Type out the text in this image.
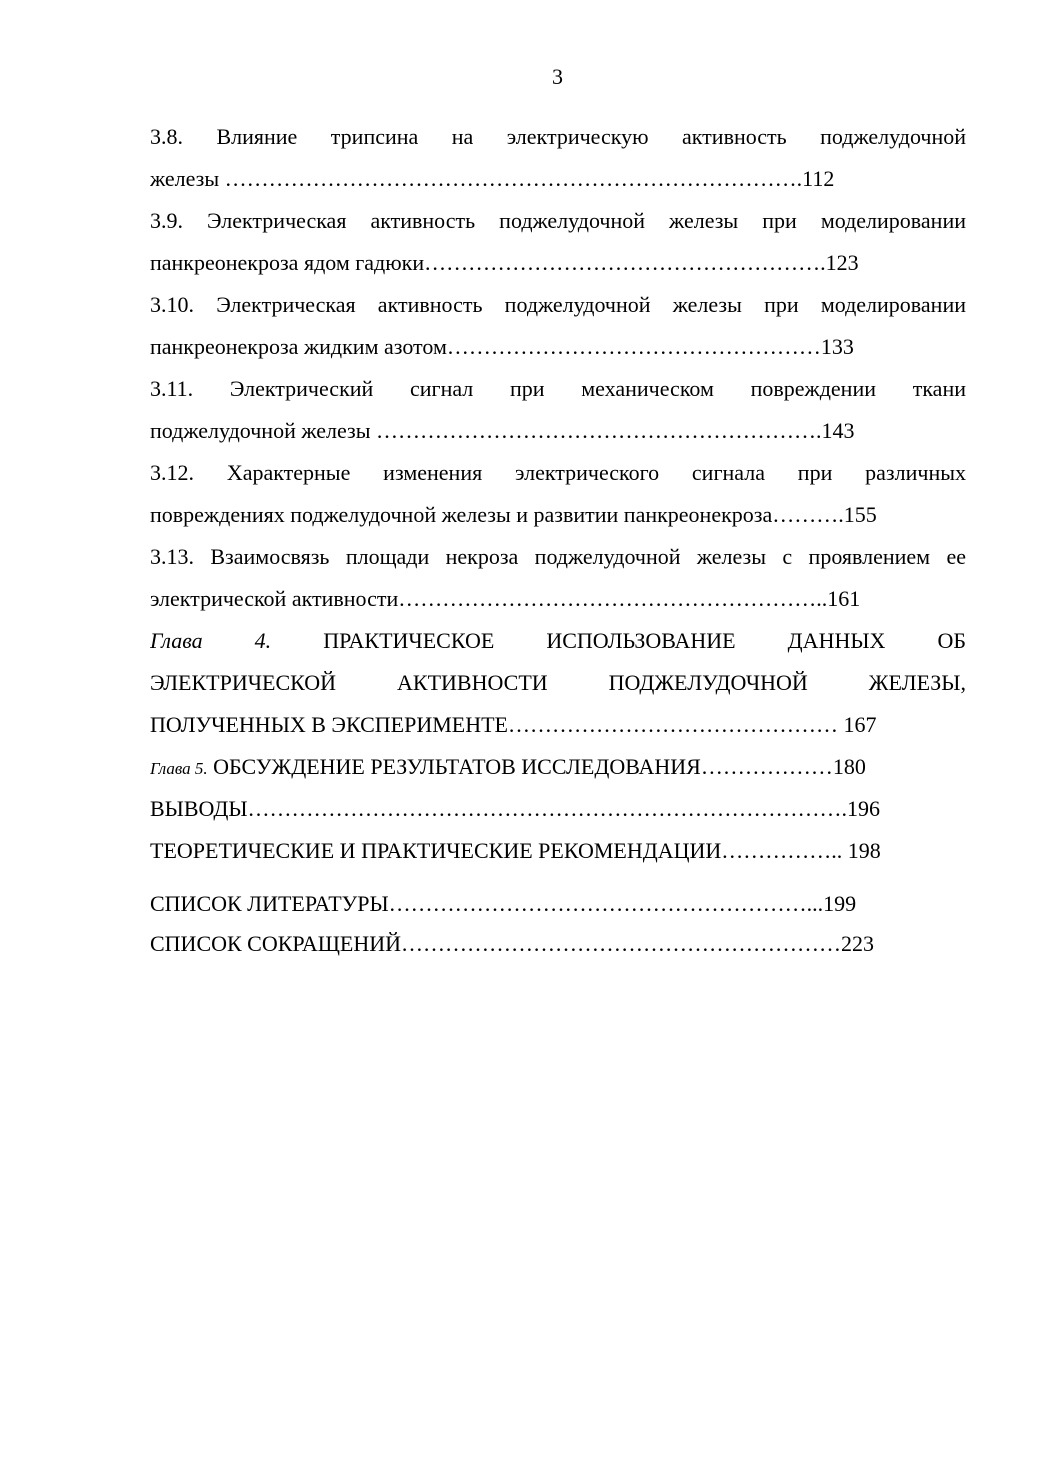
3
3.8. Влияние трипсина на электрическую активность поджелудочной
железы …………………………………………………………………….112
3.9. Электрическая активность поджелудочной железы при моделировании
панкреонекроза ядом гадюки……………………………………………….123
3.10. Электрическая активность поджелудочной железы при моделировании
панкреонекроза жидким азотом……………………………………………133
3.11. Электрический сигнал при механическом повреждении ткани
поджелудочной железы …………………………………………………….143
3.12. Характерные изменения электрического сигнала при различных
повреждениях поджелудочной железы и развитии панкреонекроза……….155
3.13. Взаимосвязь площади некроза поджелудочной железы с проявлением ее
электрической активности…………………………………………………..161
Глава 4. ПРАКТИЧЕСКОЕ ИСПОЛЬЗОВАНИЕ ДАННЫХ ОБ
ЭЛЕКТРИЧЕСКОЙ АКТИВНОСТИ ПОДЖЕЛУДОЧНОЙ ЖЕЛЕЗЫ,
ПОЛУЧЕННЫХ В ЭКСПЕРИМЕНТЕ……………………………………… 167
Глава 5. ОБСУЖДЕНИЕ РЕЗУЛЬТАТОВ ИССЛЕДОВАНИЯ………………180
ВЫВОДЫ……………………………………………………………………….196
ТЕОРЕТИЧЕСКИЕ И ПРАКТИЧЕСКИЕ РЕКОМЕНДАЦИИ…………….. 198
СПИСОК ЛИТЕРАТУРЫ…………………………………………………...199
СПИСОК СОКРАЩЕНИЙ……………………………………………………223
